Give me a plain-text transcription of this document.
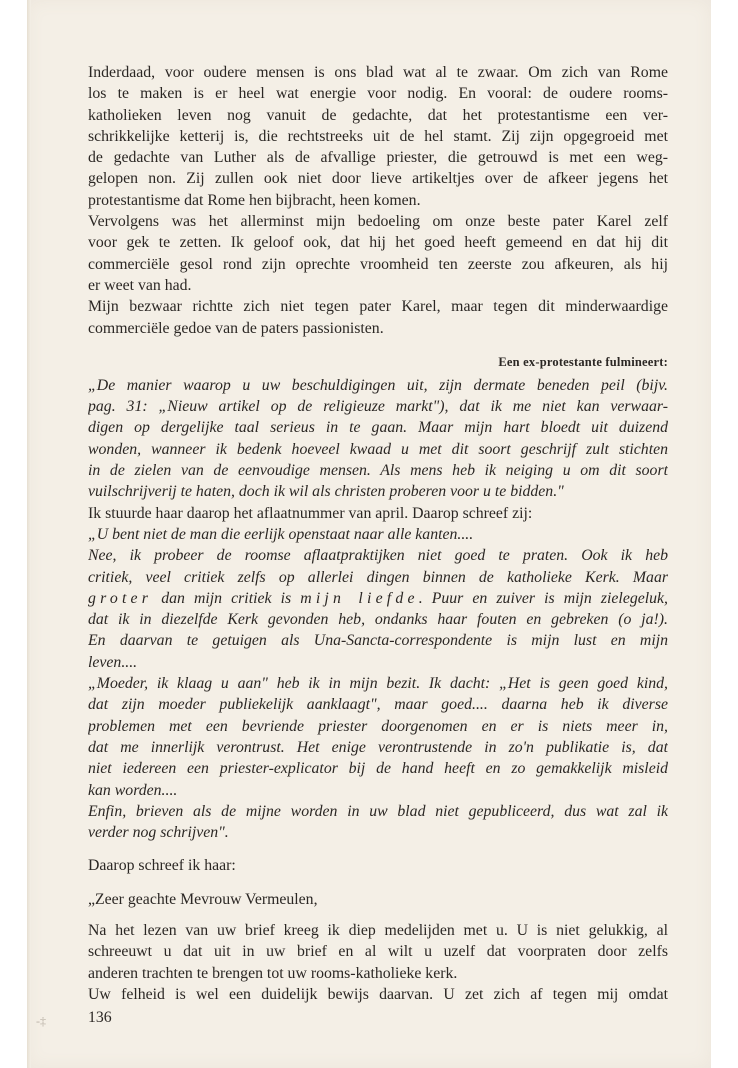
Inderdaad, voor oudere mensen is ons blad wat al te zwaar. Om zich van Rome
los te maken is er heel wat energie voor nodig. En vooral: de oudere rooms-
katholieken leven nog vanuit de gedachte, dat het protestantisme een ver-
schrikkelijke ketterij is, die rechtstreeks uit de hel stamt. Zij zijn opgegroeid met
de gedachte van Luther als de afvallige priester, die getrouwd is met een weg-
gelopen non. Zij zullen ook niet door lieve artikeltjes over de afkeer jegens het
protestantisme dat Rome hen bijbracht, heen komen.

Vervolgens was het allerminst mijn bedoeling om onze beste pater Karel zelf
voor gek te zetten. Ik geloof ook, dat hij het goed heeft gemeend en dat hij dit
commerciële gesol rond zijn oprechte vroomheid ten zeerste zou afkeuren, als hij
er weet van had.

Mijn bezwaar richtte zich niet tegen pater Karel, maar tegen dit minderwaardige
commerciële gedoe van de paters passionisten.

Een ex-protestante fulmineert:

„De manier waarop u uw beschuldigingen uit, zijn dermate beneden peil (bijv.
pag. 31: „Nieuw artikel op de religieuze markt"), dat ik me niet kan verwaar-
digen op dergelijke taal serieus in te gaan. Maar mijn hart bloedt uit duizend
wonden, wanneer ik bedenk hoeveel kwaad u met dit soort geschrijf zult stichten
in de zielen van de eenvoudige mensen. Als mens heb ik neiging u om dit soort
vuilschrijverij te haten, doch ik wil als christen proberen voor u te bidden."

Ik stuurde haar daarop het aflaatnummer van april. Daarop schreef zij:

„U bent niet de man die eerlijk openstaat naar alle kanten....

Nee, ik probeer de roomse aflaatpraktijken niet goed te praten. Ook ik heb
critiek, veel critiek zelfs op allerlei dingen binnen de katholieke Kerk. Maar
groter dan mijn critiek is mijn liefde. Puur en zuiver is mijn zielegeluk,
dat ik in diezelfde Kerk gevonden heb, ondanks haar fouten en gebreken (o ja!).
En daarvan te getuigen als Una-Sancta-correspondente is mijn lust en mijn
leven....

„Moeder, ik klaag u aan" heb ik in mijn bezit. Ik dacht: „Het is geen goed kind,
dat zijn moeder publiekelijk aanklaagt", maar goed.... daarna heb ik diverse
problemen met een bevriende priester doorgenomen en er is niets meer in,
dat me innerlijk verontrust. Het enige verontrustende in zo'n publikatie is, dat
niet iedereen een priester-explicator bij de hand heeft en zo gemakkelijk misleid
kan worden....

Enfin, brieven als de mijne worden in uw blad niet gepubliceerd, dus wat zal ik
verder nog schrijven".

Daarop schreef ik haar:

„Zeer geachte Mevrouw Vermeulen,

Na het lezen van uw brief kreeg ik diep medelijden met u. U is niet gelukkig, al
schreeuwt u dat uit in uw brief en al wilt u uzelf dat voorpraten door zelfs
anderen trachten te brengen tot uw rooms-katholieke kerk.

Uw felheid is wel een duidelijk bewijs daarvan. U zet zich af tegen mij omdat

136
-‡
